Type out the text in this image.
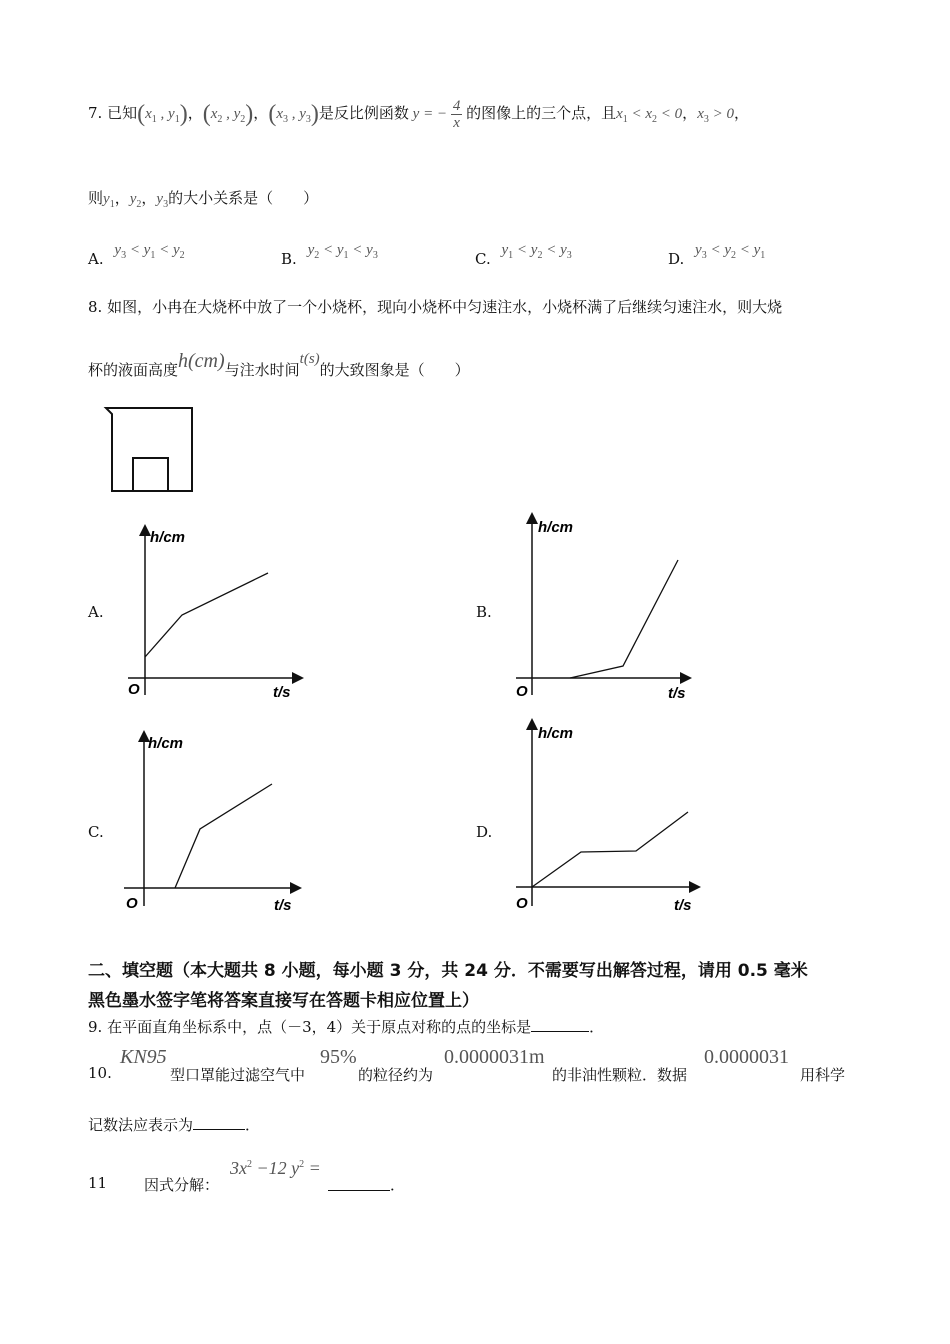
7. 已知($x_1$ , $y_1$)，($x_2$ , $y_2$)，($x_3$ , $y_3$)是反比例函数 y = − $\frac{4}{x}$ 的图像上的三个点，且$x_1 < x_2 < 0$，$x_3 > 0$，
则$y_1$，$y_2$，$y_3$的大小关系是（　　）
A. $y_3 < y_1 < y_2$	B. $y_2 < y_1 < y_3$	C. $y_1 < y_2 < y_3$	D. $y_3 < y_2 < y_1$
8. 如图，小冉在大烧杯中放了一个小烧杯，现向小烧杯中匀速注水，小烧杯满了后继续匀速注水，则大烧
杯的液面高度h(cm)与注水时间t(s)的大致图象是（　　）
A.
h/cm
t/s
O
B.
h/cm
t/s
O
C.
h/cm
t/s
O
D.
h/cm
t/s
O
二、填空题（本大题共 8 小题，每小题 3 分，共 24 分．不需要写出解答过程，请用 0.5 毫米
黑色墨水签字笔将答案直接写在答题卡相应位置上）
9. 在平面直角坐标系中，点（－3，4）关于原点对称的点的坐标是	．
10.
KN95
型口罩能过滤空气中
95%
的粒径约为
0.0000031m
的非油性颗粒．数据
0.0000031
用科学
记数法应表示为	．
11 因式分解：
$3x^2 -12$ $y^2$ =
．
